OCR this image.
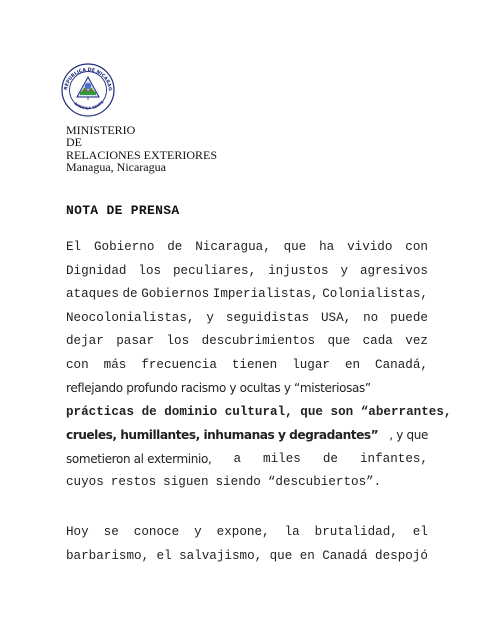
REPUBLICA DE NICARAG
AMERICA CENTR
MINISTERIO
DE
RELACIONES EXTERIORES
Managua, Nicaragua
NOTA DE PRENSA
El Gobierno de Nicaragua, que ha vivido con
Dignidad los peculiares, injustos y agresivos
ataques de Gobiernos Imperialistas, Colonialistas,
Neocolonialistas, y seguidistas USA, no puede
dejar pasar los descubrimientos que cada vez
con más frecuencia tienen lugar en Canadá,
reflejando profundo racismo y ocultas y “misteriosas”
prácticas de dominio cultural, que son “aberrantes,
crueles, humillantes, inhumanas y degradantes” , y que
sometieron al exterminio, a miles de infantes,
cuyos restos siguen siendo “descubiertos”.
Hoy se conoce y expone, la brutalidad, el
barbarismo, el salvajismo, que en Canadá despojó
